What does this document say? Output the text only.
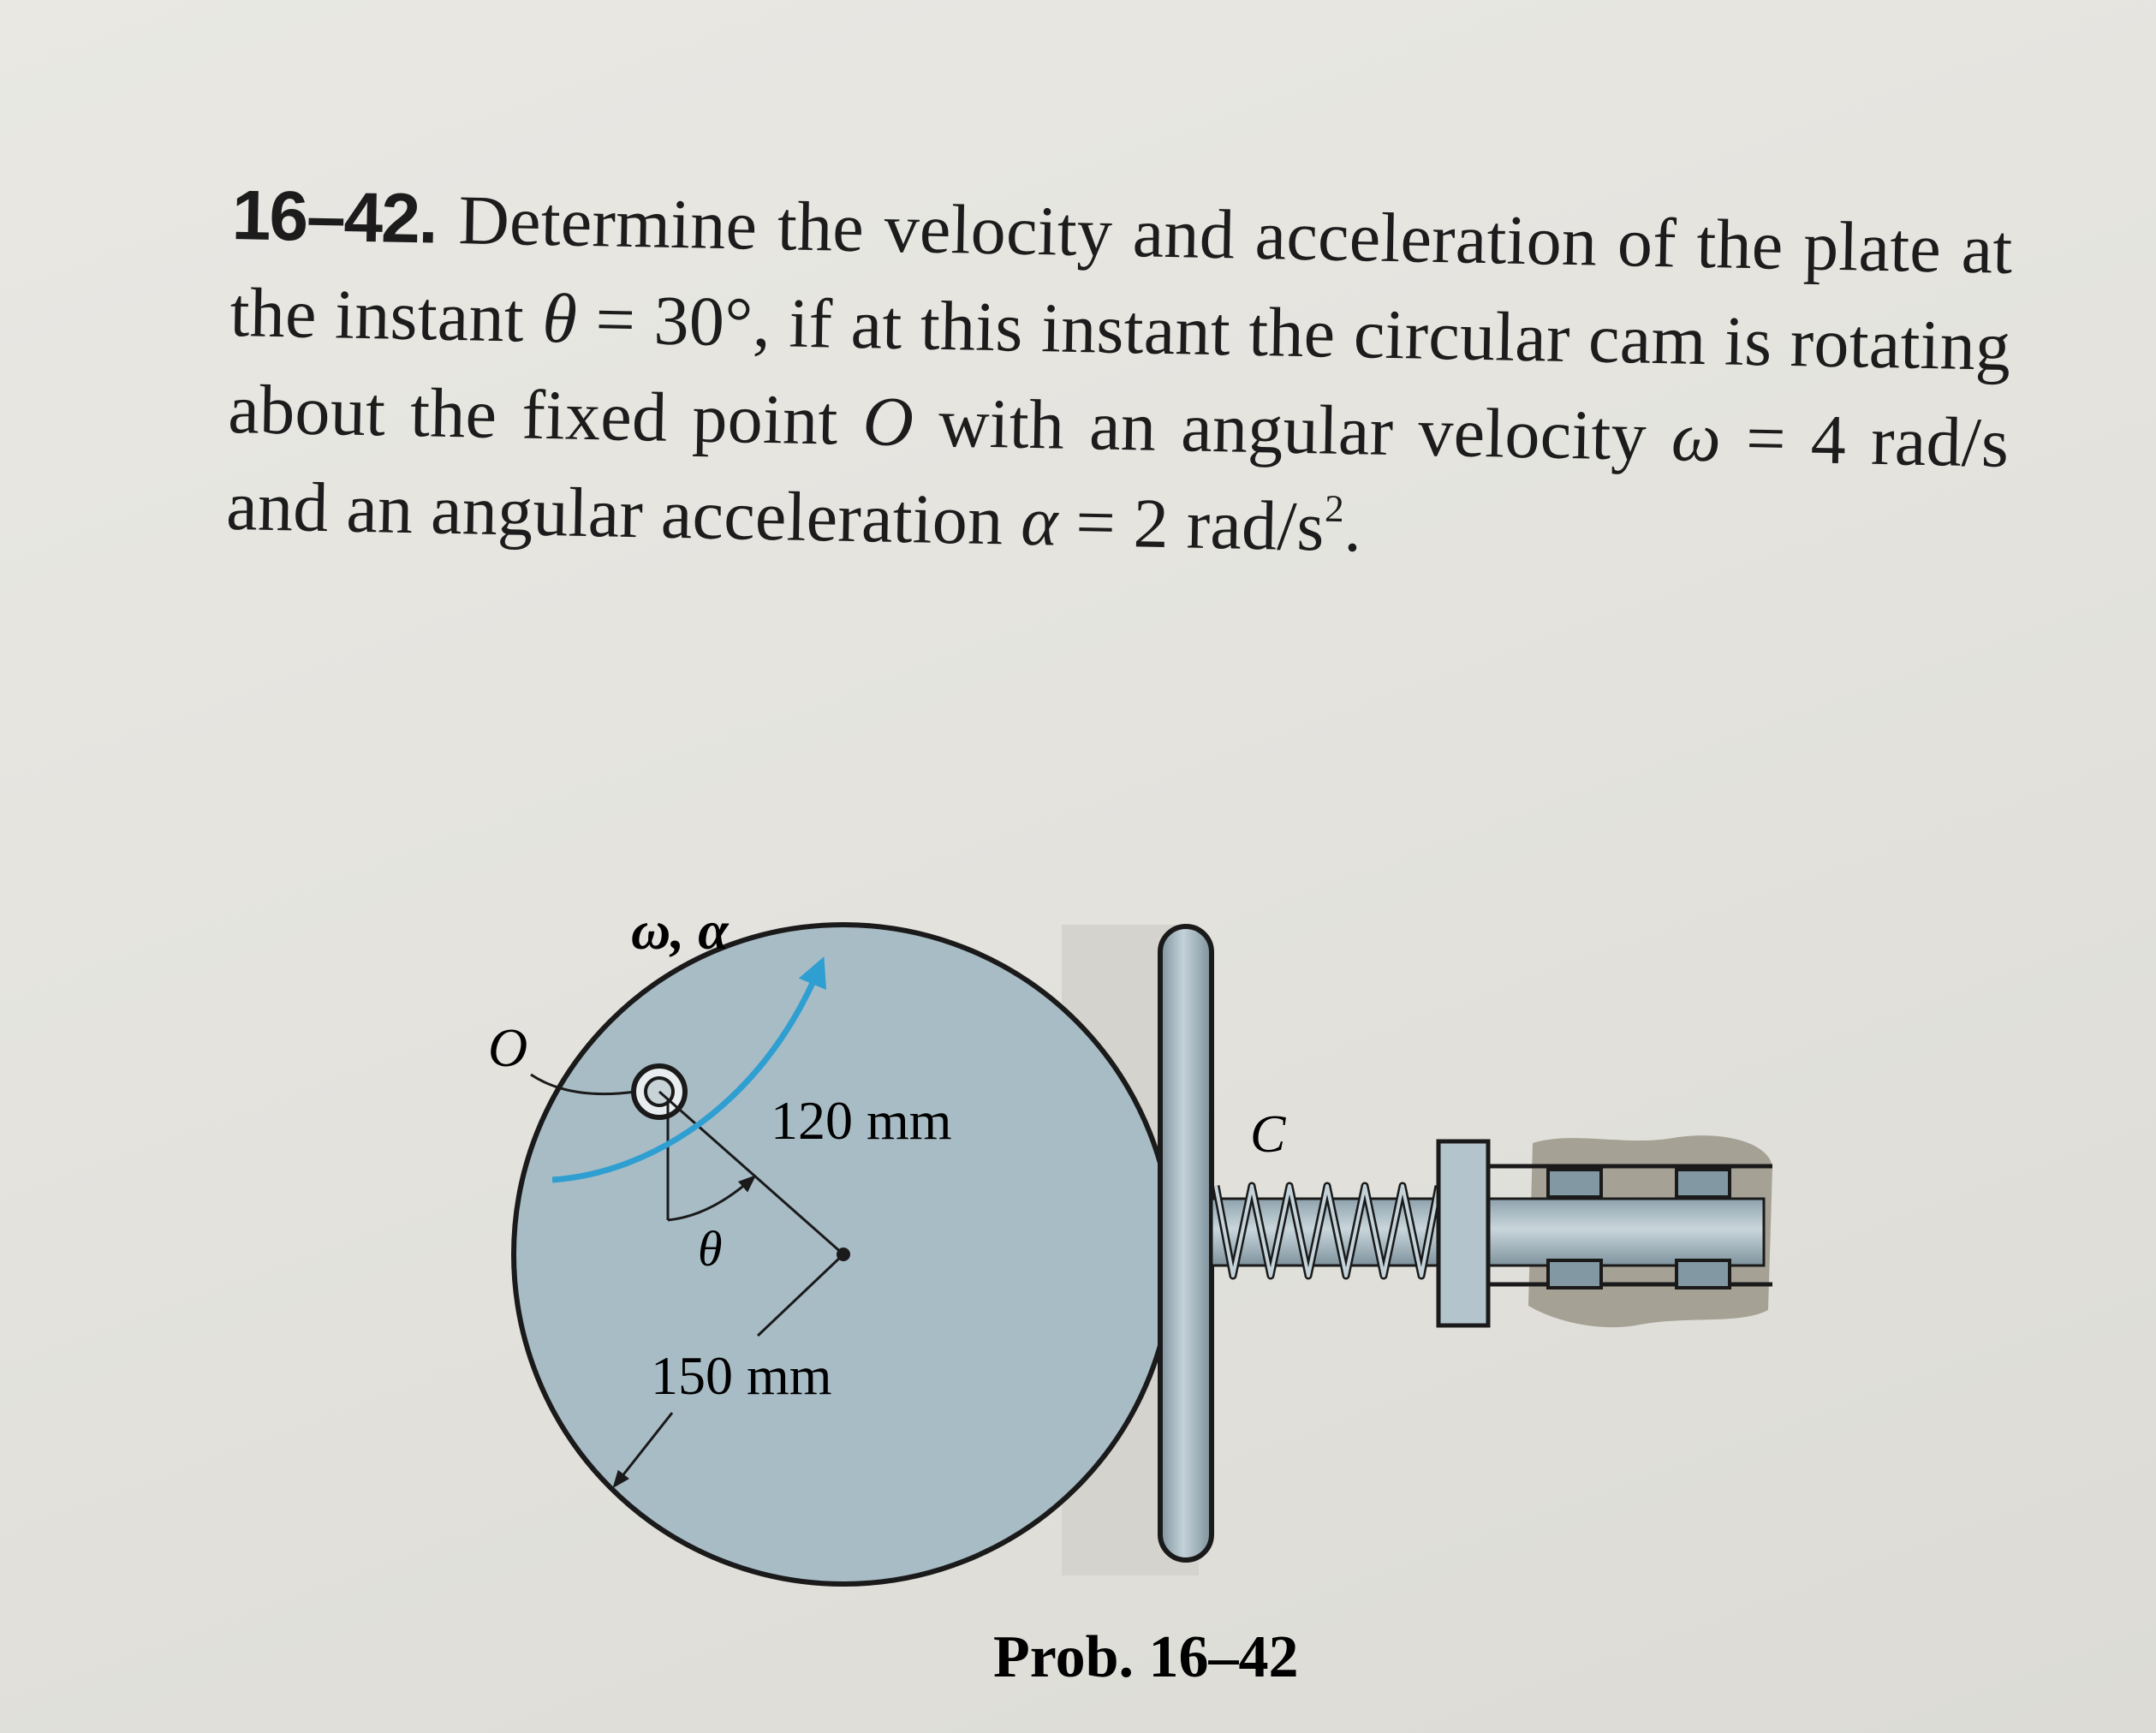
16–42. Determine the velocity and acceleration of the plate at the instant θ = 30°, if at this instant the circular cam is rotating about the fixed point O with an angular velocity ω = 4 rad/s and an angular acceleration α = 2 rad/$s^2$.
ω, α
O
θ
120 mm
150 mm
C
Prob. 16–42
